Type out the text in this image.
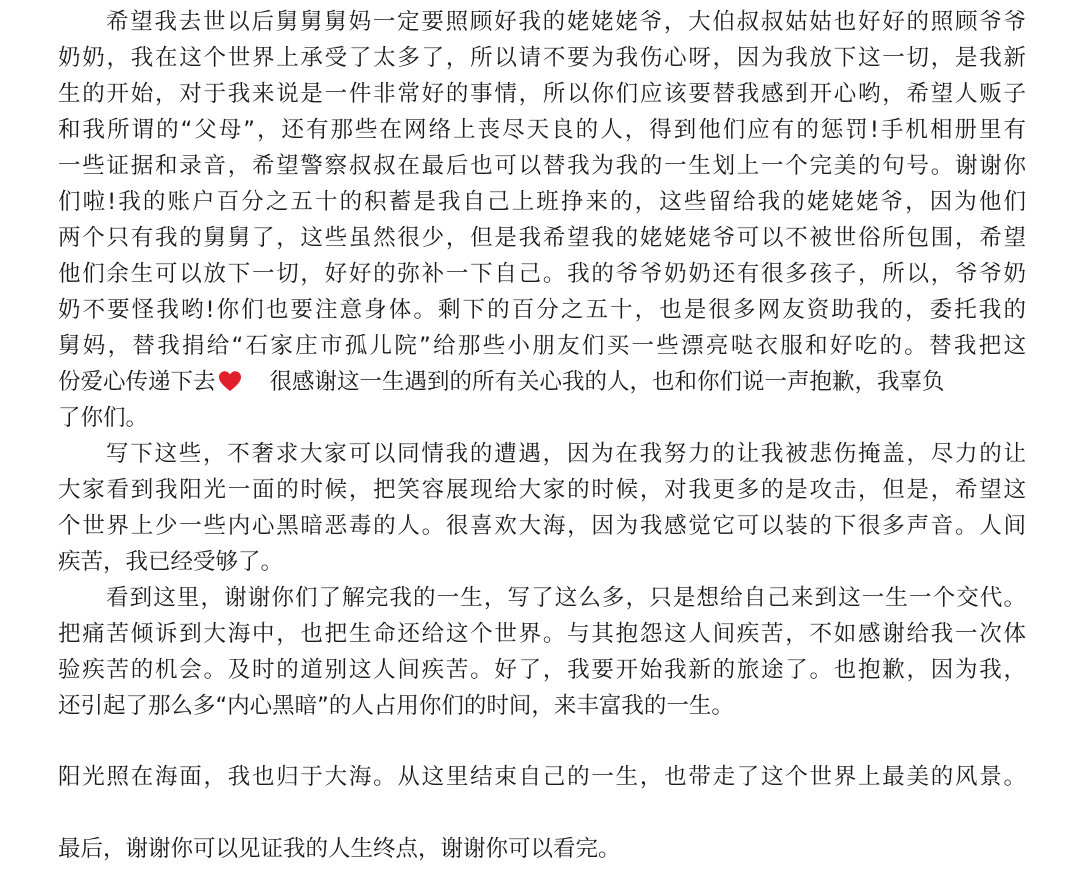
希望我去世以后舅舅舅妈一定要照顾好我的姥姥姥爷，大伯叔叔姑姑也好好的照顾爷爷
奶奶，我在这个世界上承受了太多了，所以请不要为我伤心呀，因为我放下这一切，是我新
生的开始，对于我来说是一件非常好的事情，所以你们应该要替我感到开心哟，希望人贩子
和我所谓的“父母”，还有那些在网络上丧尽天良的人，得到他们应有的惩罚!手机相册里有
一些证据和录音，希望警察叔叔在最后也可以替我为我的一生划上一个完美的句号。谢谢你
们啦!我的账户百分之五十的积蓄是我自己上班挣来的，这些留给我的姥姥姥爷，因为他们
两个只有我的舅舅了，这些虽然很少，但是我希望我的姥姥姥爷可以不被世俗所包围，希望
他们余生可以放下一切，好好的弥补一下自己。我的爷爷奶奶还有很多孩子，所以，爷爷奶
奶不要怪我哟!你们也要注意身体。剩下的百分之五十，也是很多网友资助我的，委托我的
舅妈，替我捐给“石家庄市孤儿院”给那些小朋友们买一些漂亮哒衣服和好吃的。替我把这
份爱心传递下去 很感谢这一生遇到的所有关心我的人，也和你们说一声抱歉，我辜负
了你们。
写下这些，不奢求大家可以同情我的遭遇，因为在我努力的让我被悲伤掩盖，尽力的让
大家看到我阳光一面的时候，把笑容展现给大家的时候，对我更多的是攻击，但是，希望这
个世界上少一些内心黑暗恶毒的人。很喜欢大海，因为我感觉它可以装的下很多声音。人间
疾苦，我已经受够了。
看到这里，谢谢你们了解完我的一生，写了这么多，只是想给自己来到这一生一个交代。
把痛苦倾诉到大海中，也把生命还给这个世界。与其抱怨这人间疾苦，不如感谢给我一次体
验疾苦的机会。及时的道别这人间疾苦。好了，我要开始我新的旅途了。也抱歉，因为我，
还引起了那么多“内心黑暗”的人占用你们的时间，来丰富我的一生。
阳光照在海面，我也归于大海。从这里结束自己的一生，也带走了这个世界上最美的风景。
最后，谢谢你可以见证我的人生终点，谢谢你可以看完。
